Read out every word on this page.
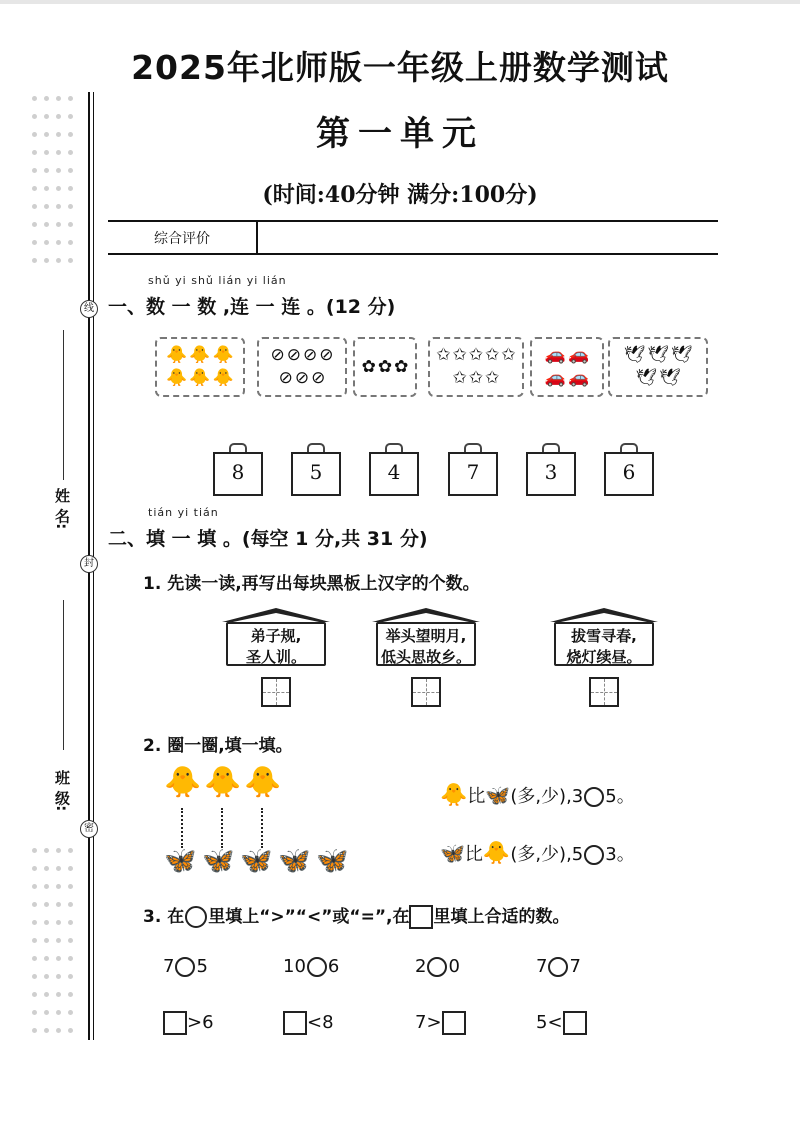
2025年北师版一年级上册数学测试
第一单元
(时间:40分钟 满分:100分)
综合评价
线
封
密
姓 名:
班 级:
shǔ yi shǔ lián yi lián
一、数 一 数 ,连 一 连 。(12 分)
🐥 🐥 🐥
🐥 🐥 🐥
⊘ ⊘ ⊘ ⊘
⊘ ⊘ ⊘
✿ ✿ ✿
✩ ✩ ✩ ✩ ✩
✩ ✩ ✩
🚗 🚗
🚗 🚗
🕊 🕊 🕊
🕊 🕊
8	5	4	7	3	6
tián yi tián
二、填 一 填 。(每空 1 分,共 31 分)
1. 先读一读,再写出每块黑板上汉字的个数。
弟子规,
圣人训。
举头望明月,
低头思故乡。
拔雪寻春,
烧灯续昼。
2. 圈一圈,填一填。
🐥 🐥 🐥
🦋 🦋 🦋 🦋 🦋
🐥比🦋(多,少),3 5。
🦋比🐥(多,少),5 3。
3. 在 里填上“>”“<”或“=”,在 里填上合适的数。
7 5	10 6	2 0	7 7
>6	<8	7>	5<
